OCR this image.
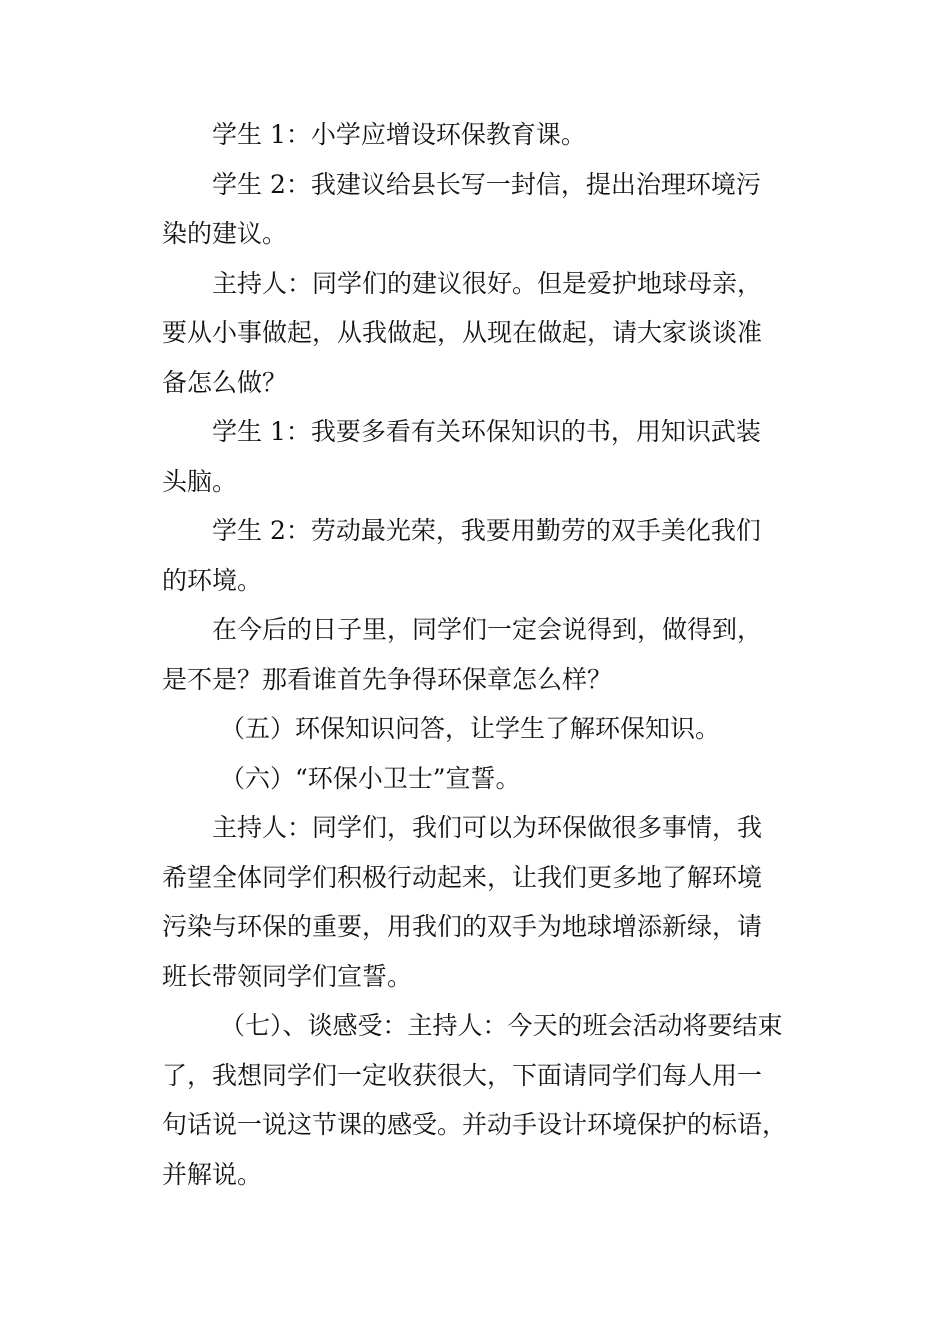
学生 1：小学应增设环保教育课。
学生 2：我建议给县长写一封信，提出治理环境污
染的建议。
主持人：同学们的建议很好。但是爱护地球母亲，
要从小事做起，从我做起，从现在做起，请大家谈谈准
备怎么做？
学生 1：我要多看有关环保知识的书，用知识武装
头脑。
学生 2：劳动最光荣，我要用勤劳的双手美化我们
的环境。
在今后的日子里，同学们一定会说得到，做得到，
是不是？那看谁首先争得环保章怎么样？
（五）环保知识问答，让学生了解环保知识。
（六）“环保小卫士”宣誓。
主持人：同学们，我们可以为环保做很多事情，我
希望全体同学们积极行动起来，让我们更多地了解环境
污染与环保的重要，用我们的双手为地球增添新绿，请
班长带领同学们宣誓。
（七）、谈感受：主持人：今天的班会活动将要结束
了，我想同学们一定收获很大，下面请同学们每人用一
句话说一说这节课的感受。并动手设计环境保护的标语，
并解说。
